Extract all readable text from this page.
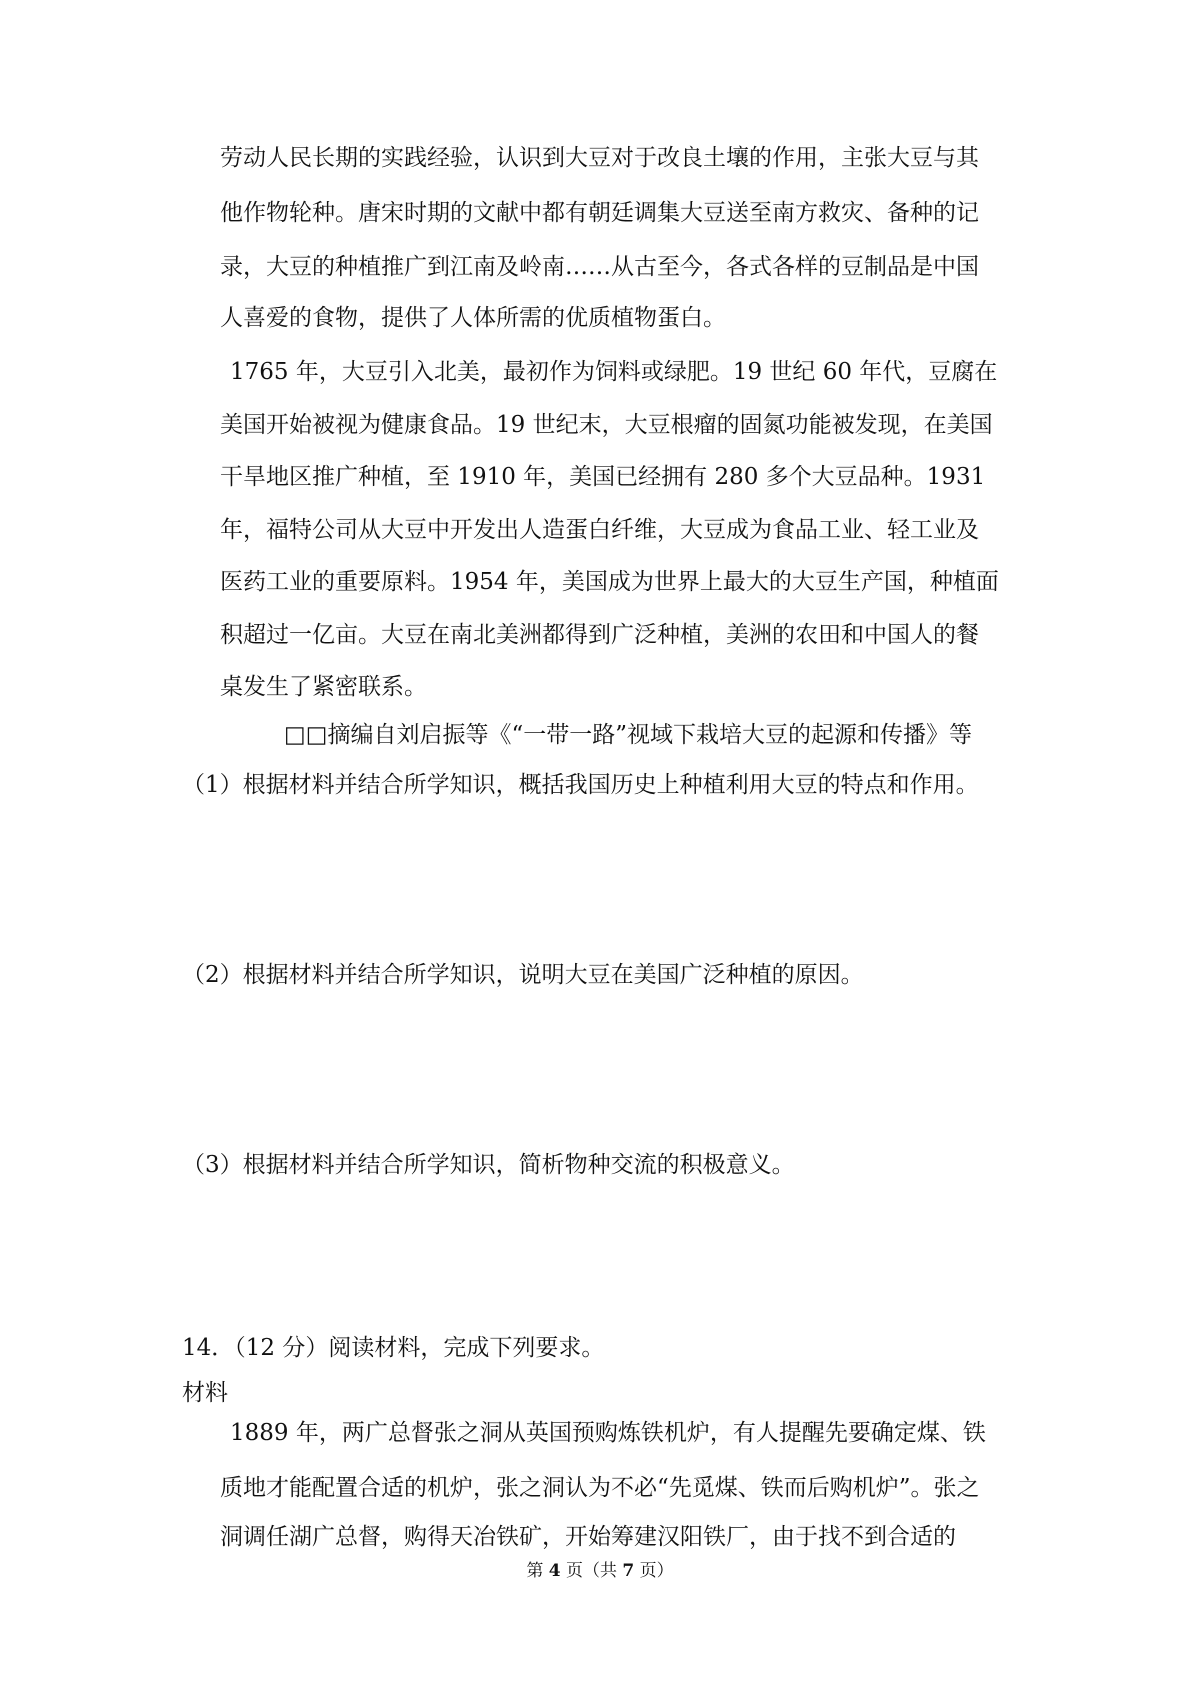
劳动人民长期的实践经验，认识到大豆对于改良土壤的作用，主张大豆与其

他作物轮种。唐宋时期的文献中都有朝廷调集大豆送至南方救灾、备种的记

录，大豆的种植推广到江南及岭南……从古至今，各式各样的豆制品是中国

人喜爱的食物，提供了人体所需的优质植物蛋白。

1765 年，大豆引入北美，最初作为饲料或绿肥。19 世纪 60 年代，豆腐在

美国开始被视为健康食品。19 世纪末，大豆根瘤的固氮功能被发现，在美国

干旱地区推广种植，至 1910 年，美国已经拥有 280 多个大豆品种。1931

年，福特公司从大豆中开发出人造蛋白纤维，大豆成为食品工业、轻工业及

医药工业的重要原料。1954 年，美国成为世界上最大的大豆生产国，种植面

积超过一亿亩。大豆在南北美洲都得到广泛种植，美洲的农田和中国人的餐

桌发生了紧密联系。

□□摘编自刘启振等《“一带一路”视域下栽培大豆的起源和传播》等

（1）根据材料并结合所学知识，概括我国历史上种植利用大豆的特点和作用。

（2）根据材料并结合所学知识，说明大豆在美国广泛种植的原因。

（3）根据材料并结合所学知识，简析物种交流的积极意义。

14．（12 分）阅读材料，完成下列要求。

材料

1889 年，两广总督张之洞从英国预购炼铁机炉，有人提醒先要确定煤、铁

质地才能配置合适的机炉，张之洞认为不必“先觅煤、铁而后购机炉”。张之

第 4 页（共 7 页）

洞调任湖广总督，购得天冶铁矿，开始筹建汉阳铁厂，由于找不到合适的
